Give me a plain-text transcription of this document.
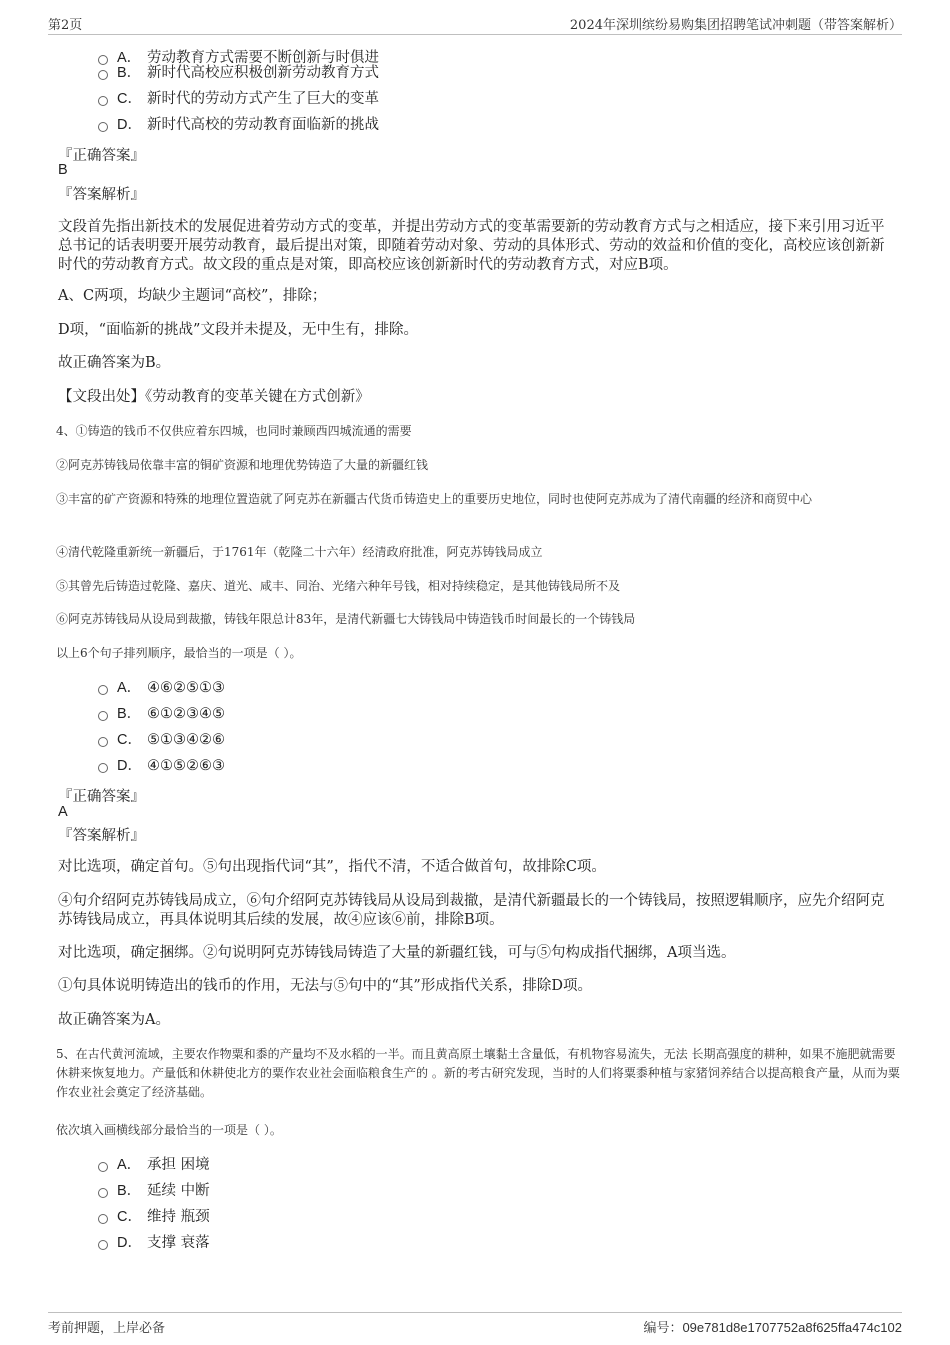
第2页	2024年深圳缤纷易购集团招聘笔试冲刺题（带答案解析）
A． 劳动教育方式需要不断创新与时俱进
B． 新时代高校应积极创新劳动教育方式
C． 新时代的劳动方式产生了巨大的变革
D． 新时代高校的劳动教育面临新的挑战
『正确答案』
B
『答案解析』
文段首先指出新技术的发展促进着劳动方式的变革，并提出劳动方式的变革需要新的劳动教育方式与之相适应，接下来引用习近平总书记的话表明要开展劳动教育，最后提出对策，即随着劳动对象、劳动的具体形式、劳动的效益和价值的变化，高校应该创新新时代的劳动教育方式。故文段的重点是对策，即高校应该创新新时代的劳动教育方式，对应B项。
A、C两项，均缺少主题词“高校”，排除；
D项，“面临新的挑战”文段并未提及，无中生有，排除。
故正确答案为B。
【文段出处】《劳动教育的变革关键在方式创新》
4、①铸造的钱币不仅供应着东四城，也同时兼顾西四城流通的需要
②阿克苏铸钱局依靠丰富的铜矿资源和地理优势铸造了大量的新疆红钱
③丰富的矿产资源和特殊的地理位置造就了阿克苏在新疆古代货币铸造史上的重要历史地位，同时也使阿克苏成为了清代南疆的经济和商贸中心
④清代乾隆重新统一新疆后，于1761年（乾隆二十六年）经清政府批准，阿克苏铸钱局成立
⑤其曾先后铸造过乾隆、嘉庆、道光、咸丰、同治、光绪六种年号钱，相对持续稳定，是其他铸钱局所不及
⑥阿克苏铸钱局从设局到裁撤，铸钱年限总计83年，是清代新疆七大铸钱局中铸造钱币时间最长的一个铸钱局
以上6个句子排列顺序，最恰当的一项是（ ）。
A． ④⑥②⑤①③
B． ⑥①②③④⑤
C． ⑤①③④②⑥
D． ④①⑤②⑥③
『正确答案』
A
『答案解析』
对比选项，确定首句。⑤句出现指代词“其”，指代不清，不适合做首句，故排除C项。
④句介绍阿克苏铸钱局成立，⑥句介绍阿克苏铸钱局从设局到裁撤，是清代新疆最长的一个铸钱局，按照逻辑顺序，应先介绍阿克苏铸钱局成立，再具体说明其后续的发展，故④应该⑥前，排除B项。
对比选项，确定捆绑。②句说明阿克苏铸钱局铸造了大量的新疆红钱，可与⑤句构成指代捆绑，A项当选。
①句具体说明铸造出的钱币的作用，无法与⑤句中的“其”形成指代关系，排除D项。
故正确答案为A。
5、在古代黄河流域，主要农作物粟和黍的产量均不及水稻的一半。而且黄高原土壤黏土含量低，有机物容易流失，无法 长期高强度的耕种，如果不施肥就需要休耕来恢复地力。产量低和休耕使北方的粟作农业社会面临粮食生产的 。新的考古研究发现，当时的人们将粟黍种植与家猪饲养结合以提高粮食产量，从而为粟作农业社会奠定了经济基础。
依次填入画横线部分最恰当的一项是（ ）。
A． 承担 困境
B． 延续 中断
C． 维持 瓶颈
D． 支撑 衰落
考前押题，上岸必备	编号：09e781d8e1707752a8f625ffa474c102
